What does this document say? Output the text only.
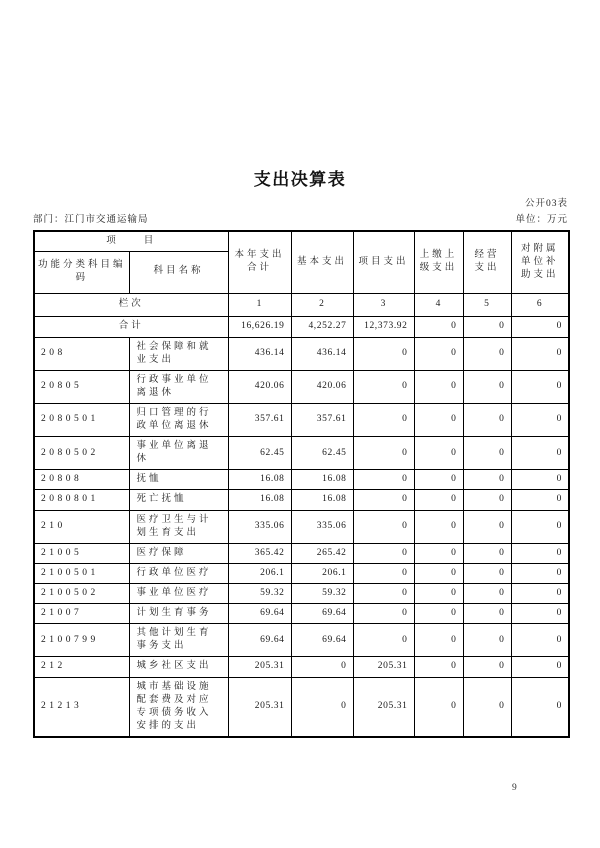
支出决算表
公开03表
部门：江门市交通运输局	单位：万元
项　　目		本年支出合计	基本支出	项目支出	上缴上级支出	经营支出	对附属单位补助支出
功能分类科目编码	科目名称						
栏次		1	2	3	4	5	6
合计		16,626.19	4,252.27	12,373.92	0	0	0
208	社会保障和就业支出	436.14	436.14	0	0	0	0
20805	行政事业单位离退休	420.06	420.06	0	0	0	0
2080501	归口管理的行政单位离退休	357.61	357.61	0	0	0	0
2080502	事业单位离退休	62.45	62.45	0	0	0	0
20808	抚恤	16.08	16.08	0	0	0	0
2080801	死亡抚恤	16.08	16.08	0	0	0	0
210	医疗卫生与计划生育支出	335.06	335.06	0	0	0	0
21005	医疗保障	365.42	265.42	0	0	0	0
2100501	行政单位医疗	206.1	206.1	0	0	0	0
2100502	事业单位医疗	59.32	59.32	0	0	0	0
21007	计划生育事务	69.64	69.64	0	0	0	0
2100799	其他计划生育事务支出	69.64	69.64	0	0	0	0
212	城乡社区支出	205.31	0	205.31	0	0	0
21213	城市基础设施配套费及对应专项债务收入安排的支出	205.31	0	205.31	0	0	0
9
